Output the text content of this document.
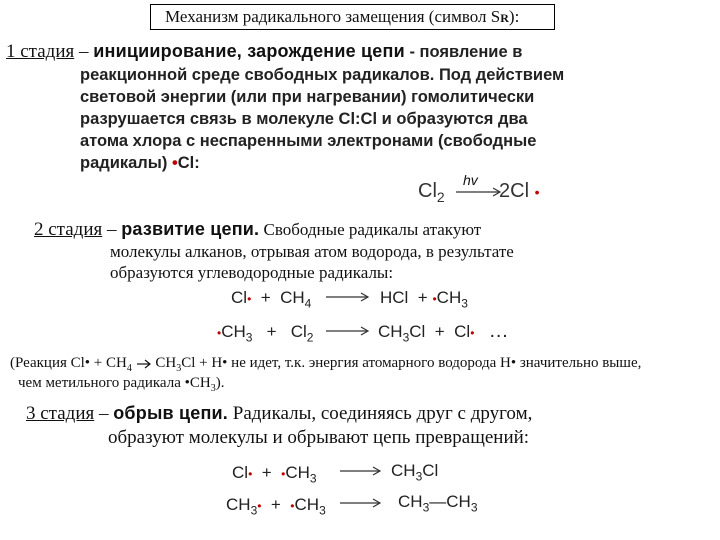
Механизм радикального замещения (символ SR):
1 стадия – инициирование, зарождение цепи - появление в
реакционной среде свободных радикалов. Под действием
световой энергии (или при нагревании) гомолитически
разрушается связь в молекуле Cl:Cl и образуются два
атома хлора с неспаренными электронами (свободные
радикалы) •Cl:
$Cl_2$
hv 2Cl •
2 стадия – развитие цепи. Свободные радикалы атакуют
молекулы алканов, отрывая атом водорода, в результате
образуются углеводородные радикалы:
Cl• + $CH_4$	HCl + $•CH_3$
$•CH_3 + Cl_2$	$CH_3Cl$ + Cl• …
(Реакция Cl• + $CH_4$  $CH_3Cl$ + H• не идет, т.к. энергия атомарного водорода H• значительно выше,
чем метильного радикала $•CH_3$).
3 стадия – обрыв цепи. Радикалы, соединяясь друг с другом,
образуют молекулы и обрывают цепь превращений:
Cl• + $•CH_3$	$CH_3Cl$
$CH_3•$ + $•CH_3$	$CH_3—CH_3$
